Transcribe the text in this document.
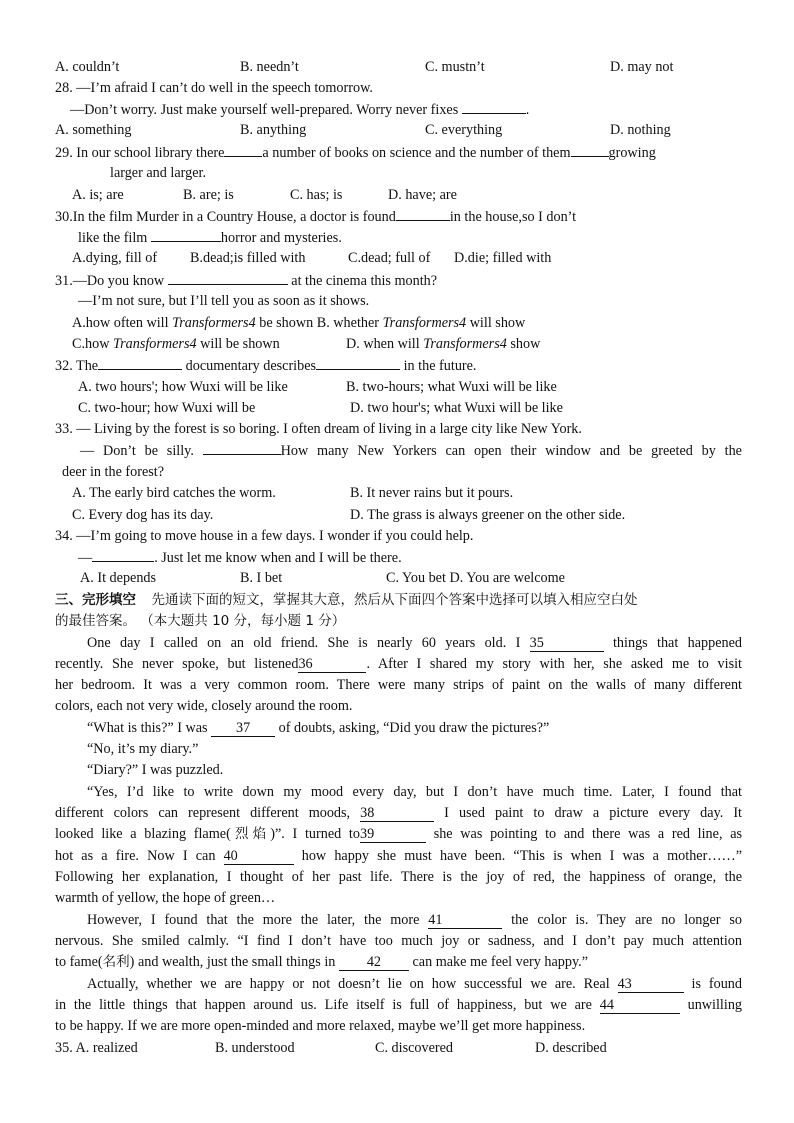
A. couldn’t	B. needn’t	C. mustn’t	D. may not
28. —I’m afraid I can’t do well in the speech tomorrow.
—Don’t worry. Just make yourself well-prepared. Worry never fixes	.
A. something	B. anything	C. everything	D. nothing
29. In our school library there	a number of books on science and the number of them	growing
larger and larger.
A. is; are	B. are; is	C. has; is	D. have; are
30.In the film Murder in a Country House, a doctor is found	in the house,so I don’t
like the film	horror and mysteries.
A.dying, fill of B.dead;is filled with	C.dead; full of D.die; filled with
31.—Do you know	at the cinema this month?
—I’m not sure, but I’ll tell you as soon as it shows.
A.how often will Transformers4 be shown B. whether Transformers4 will show
C.how Transformers4 will be shown	D. when will Transformers4 show
32. The	documentary describes	in the future.
A. two hours'; how Wuxi will be like	B. two-hours; what Wuxi will be like
C. two-hour; how Wuxi will be	D. two hour's; what Wuxi will be like
33. — Living by the forest is so boring. I often dream of living in a large city like New York.
— Don’t be silly.	How many New Yorkers can open their window and be greeted by the
deer in the forest?
A. The early bird catches the worm.	B. It never rains but it pours.
C. Every dog has its day.	D. The grass is always greener on the other side.
34. —I’m going to move house in a few days. I wonder if you could help.
—	. Just let me know when and I will be there.
A. It depends	B. I bet	C. You bet D. You are welcome
三、完形填空 先通读下面的短文，掌握其大意，然后从下面四个答案中选择可以填入相应空白处
的最佳答案。 （本大题共 10 分，每小题 1 分）
One day I called on an old friend. She is nearly 60 years old. I 35	things that happened
recently. She never spoke, but listened36	. After I shared my story with her, she asked me to visit
her bedroom. It was a very common room. There were many strips of paint on the walls of many different
colors, each not very wide, closely around the room.
“What is this?” I was 37 of doubts, asking, “Did you draw the pictures?”
“No, it’s my diary.”
“Diary?” I was puzzled.
“Yes, I’d like to write down my mood every day, but I don’t have much time. Later, I found that
different colors can represent different moods, 38	I used paint to draw a picture every day. It
looked like a blazing flame(烈焰)”. I turned to39	she was pointing to and there was a red line, as
hot as a fire. Now I can 40	how happy she must have been. “This is when I was a mother……”
Following her explanation, I thought of her past life. There is the joy of red, the happiness of orange, the
warmth of yellow, the hope of green…
However, I found that the more the later, the more 41	the color is. They are no longer so
nervous. She smiled calmly. “I find I don’t have too much joy or sadness, and I don’t pay much attention
to fame(名利) and wealth, just the small things in 42 can make me feel very happy.”
Actually, whether we are happy or not doesn’t lie on how successful we are. Real 43	is found
in the little things that happen around us. Life itself is full of happiness, but we are 44	unwilling
to be happy. If we are more open-minded and more relaxed, maybe we’ll get more happiness.
35. A. realized	B. understood	C. discovered	D. described
